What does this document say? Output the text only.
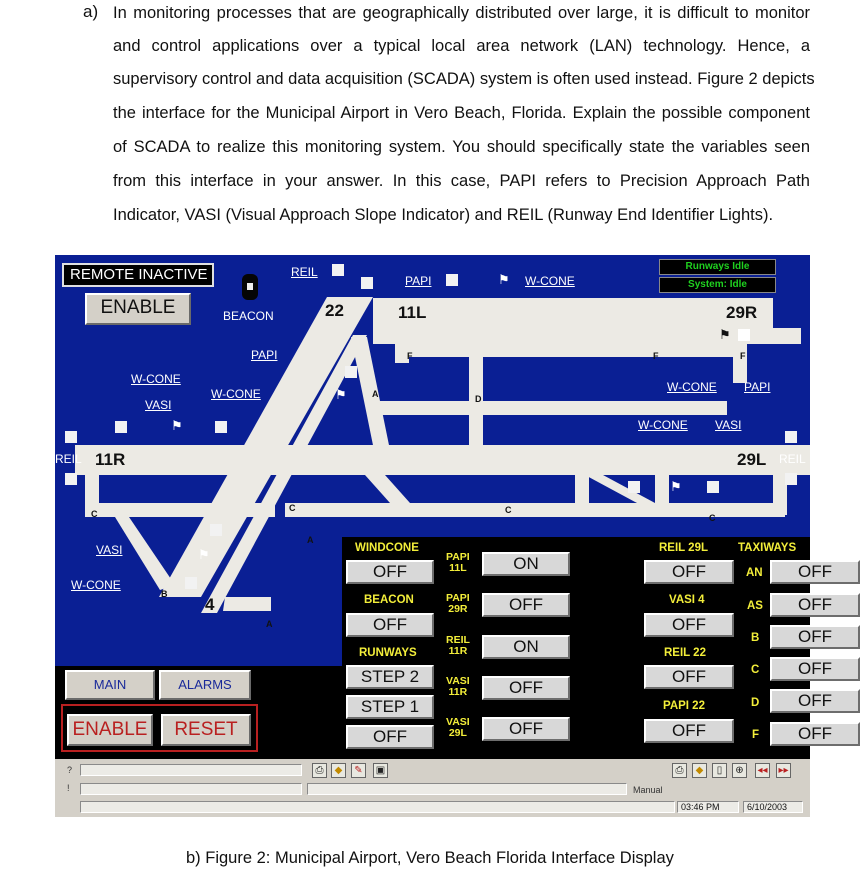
a) In monitoring processes that are geographically distributed over large, it is difficult to monitor
and control applications over a typical local area network (LAN) technology. Hence, a
supervisory control and data acquisition (SCADA) system is often used instead. Figure 2 depicts
the interface for the Municipal Airport in Vero Beach, Florida. Explain the possible component
of SCADA to realize this monitoring system. You should specifically state the variables seen
from this interface in your answer. In this case, PAPI refers to Precision Approach Path
Indicator, VASI (Visual Approach Slope Indicator) and REIL (Runway End Identifier Lights).
REMOTE INACTIVE
ENABLE	BEACON
Runways Idle
System: Idle
REIL
PAPI	⚑ W-CONE
22	11L	29R
⚑
PAPI
⚑
W-CONE
VASI
W-CONE
⚑
W-CONE PAPI
W-CONE VASI
REIL 11R	29L REIL
⚑
⚑
VASI
W-CONE
4
F	F	F
A	D
C
C	C
C
A
B
A
WINDCONE
OFF
BEACON
OFF
RUNWAYS
STEP 2
STEP 1
OFF
PAPI
11L	ON
PAPI
29R	OFF
REIL
11R	ON
VASI
11R	OFF
VASI
29L	OFF
REIL 29L
OFF
VASI 4
OFF
REIL 22
OFF
PAPI 22
OFF
TAXIWAYS
AN	OFF
AS	OFF
B	OFF
C	OFF
D	OFF
F	OFF
MAIN	ALARMS
ENABLE	RESET
?	⎙	◆	✎	▣
!	Manual
03:46 PM	6/10/2003
⎙	◆	▯	⊕	◂◂ ▸▸
b) Figure 2: Municipal Airport, Vero Beach Florida Interface Display
